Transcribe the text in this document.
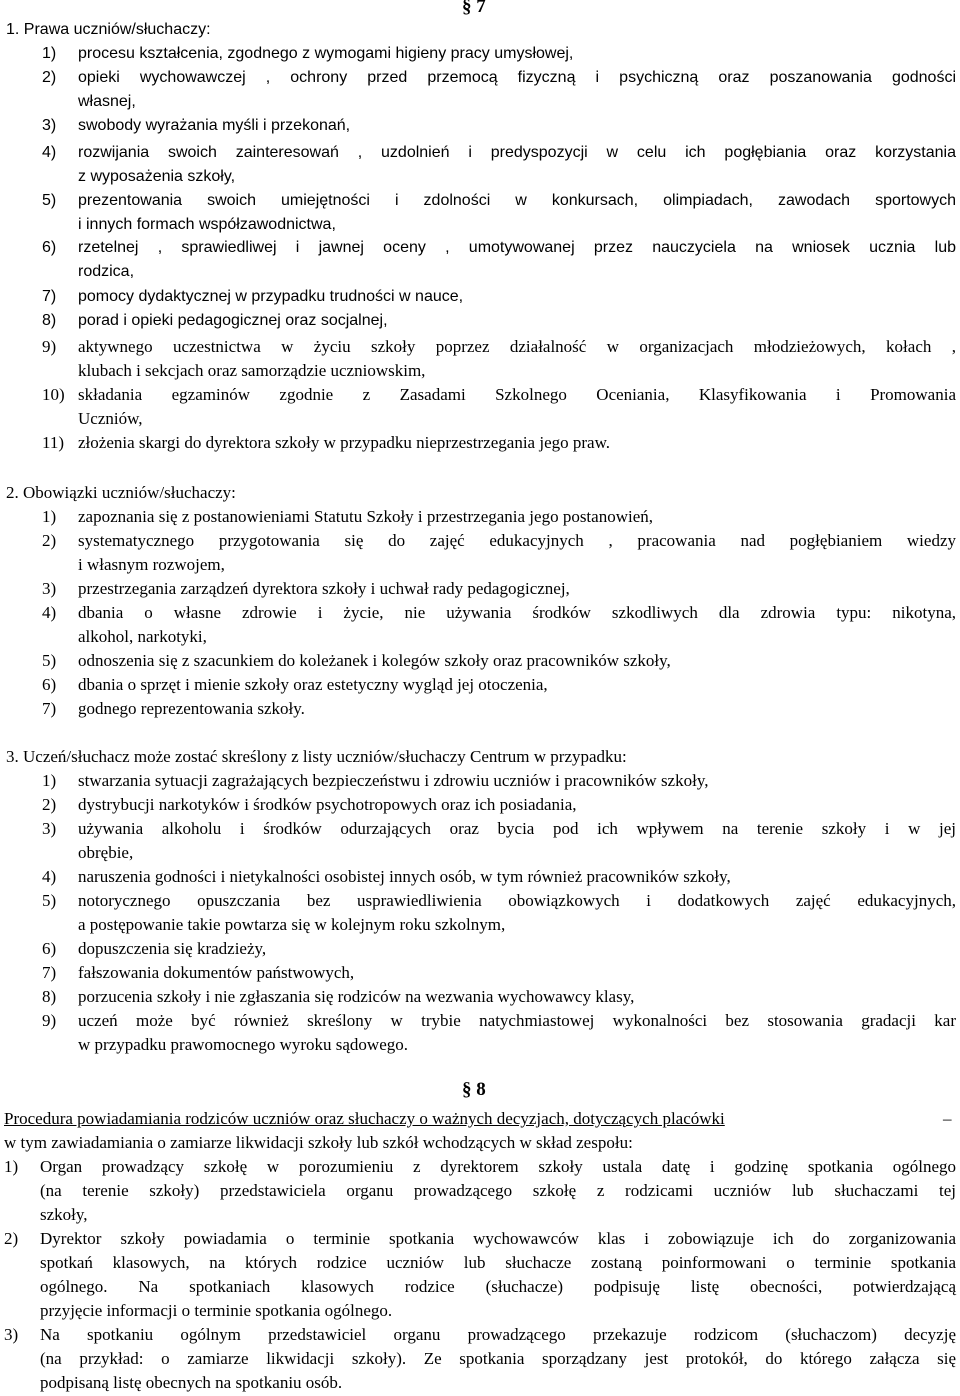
§ 7
1. Prawa uczniów/słuchaczy:
1) procesu kształcenia, zgodnego z wymogami higieny pracy umysłowej,
2) opieki wychowawczej , ochrony przed przemocą fizyczną i psychiczną oraz poszanowania godności
własnej,
3) swobody wyrażania myśli i przekonań,
4) rozwijania swoich zainteresowań , uzdolnień i predyspozycji w celu ich pogłębiania oraz korzystania
z wyposażenia szkoły,
5) prezentowania swoich umiejętności i zdolności w konkursach, olimpiadach, zawodach sportowych
i innych formach współzawodnictwa,
6) rzetelnej , sprawiedliwej i jawnej oceny , umotywowanej przez nauczyciela na wniosek ucznia lub
rodzica,
7) pomocy dydaktycznej w przypadku trudności w nauce,
8) porad i opieki pedagogicznej oraz socjalnej,
9) aktywnego uczestnictwa w życiu szkoły poprzez działalność w organizacjach młodzieżowych, kołach ,
klubach i sekcjach oraz samorządzie uczniowskim,
10) składania egzaminów zgodnie z Zasadami Szkolnego Oceniania, Klasyfikowania i Promowania
Uczniów,
11) złożenia skargi do dyrektora szkoły w przypadku nieprzestrzegania jego praw.
2. Obowiązki uczniów/słuchaczy:
1) zapoznania się z postanowieniami Statutu Szkoły i przestrzegania jego postanowień,
2) systematycznego przygotowania się do zajęć edukacyjnych , pracowania nad pogłębianiem wiedzy
i własnym rozwojem,
3) przestrzegania zarządzeń dyrektora szkoły i uchwał rady pedagogicznej,
4) dbania o własne zdrowie i życie, nie używania środków szkodliwych dla zdrowia typu: nikotyna,
alkohol, narkotyki,
5) odnoszenia się z szacunkiem do koleżanek i kolegów szkoły oraz pracowników szkoły,
6) dbania o sprzęt i mienie szkoły oraz estetyczny wygląd jej otoczenia,
7) godnego reprezentowania szkoły.
3. Uczeń/słuchacz może zostać skreślony z listy uczniów/słuchaczy Centrum w przypadku:
1) stwarzania sytuacji zagrażających bezpieczeństwu i zdrowiu uczniów i pracowników szkoły,
2) dystrybucji narkotyków i środków psychotropowych oraz ich posiadania,
3) używania alkoholu i środków odurzających oraz bycia pod ich wpływem na terenie szkoły i w jej
obrębie,
4) naruszenia godności i nietykalności osobistej innych osób, w tym również pracowników szkoły,
5) notorycznego opuszczania bez usprawiedliwienia obowiązkowych i dodatkowych zajęć edukacyjnych,
a postępowanie takie powtarza się w kolejnym roku szkolnym,
6) dopuszczenia się kradzieży,
7) fałszowania dokumentów państwowych,
8) porzucenia szkoły i nie zgłaszania się rodziców na wezwania wychowawcy klasy,
9) uczeń może być również skreślony w trybie natychmiastowej wykonalności bez stosowania gradacji kar
w przypadku prawomocnego wyroku sądowego.
§ 8
Procedura powiadamiania rodziców uczniów oraz słuchaczy o ważnych decyzjach, dotyczących placówki	–
w tym zawiadamiania o zamiarze likwidacji szkoły lub szkół wchodzących w skład zespołu:
1) Organ prowadzący szkołę w porozumieniu z dyrektorem szkoły ustala datę i godzinę spotkania ogólnego
(na terenie szkoły) przedstawiciela organu prowadzącego szkołę z rodzicami uczniów lub słuchaczami tej
szkoły,
2) Dyrektor szkoły powiadamia o terminie spotkania wychowawców klas i zobowiązuje ich do zorganizowania
spotkań klasowych, na których rodzice uczniów lub słuchacze zostaną poinformowani o terminie spotkania
ogólnego. Na spotkaniach klasowych rodzice (słuchacze) podpisuję listę obecności, potwierdzającą
przyjęcie informacji o terminie spotkania ogólnego.
3) Na spotkaniu ogólnym przedstawiciel organu prowadzącego przekazuje rodzicom (słuchaczom) decyzję
(na przykład: o zamiarze likwidacji szkoły). Ze spotkania sporządzany jest protokół, do którego załącza się
podpisaną listę obecnych na spotkaniu osób.
